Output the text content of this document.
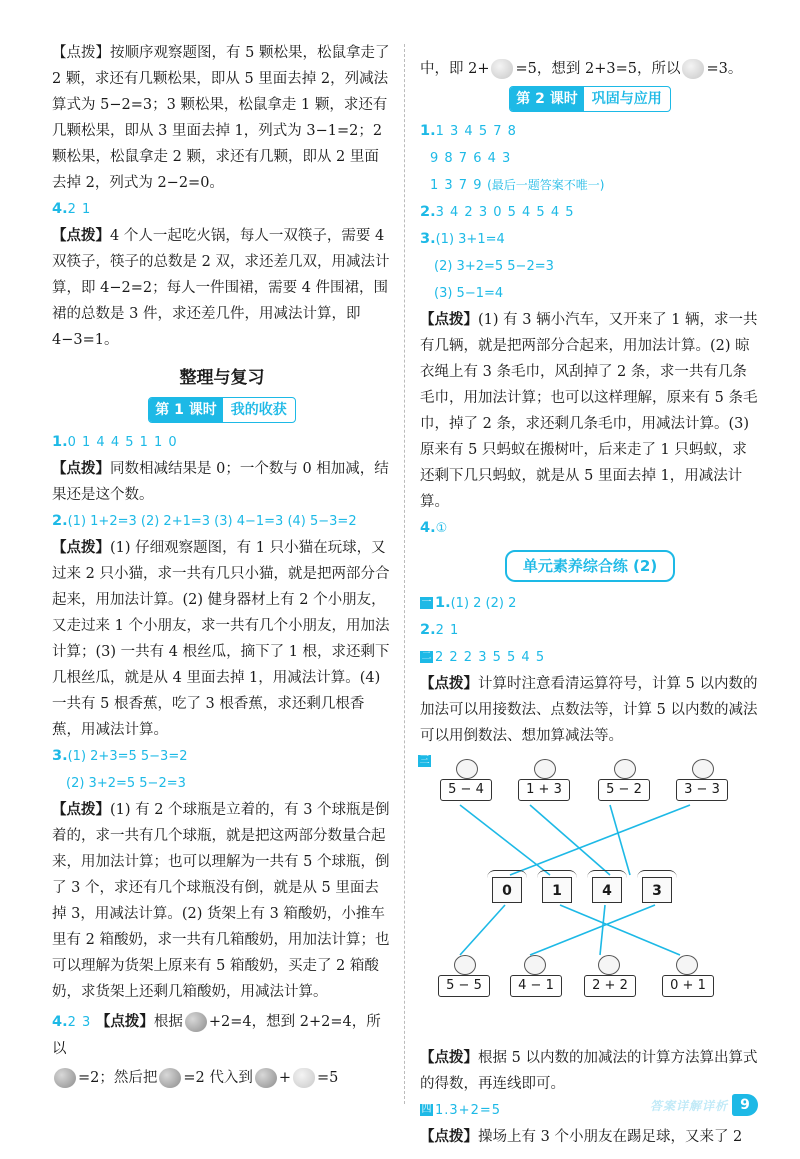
【点拨】按顺序观察题图，有 5 颗松果，松鼠拿走了 2 颗，求还有几颗松果，即从 5 里面去掉 2，列减法算式为 5−2=3；3 颗松果，松鼠拿走 1 颗，求还有几颗松果，即从 3 里面去掉 1，列式为 3−1=2；2 颗松果，松鼠拿走 2 颗，求还有几颗，即从 2 里面去掉 2，列式为 2−2=0。

4.2 1

【点拨】4 个人一起吃火锅，每人一双筷子，需要 4 双筷子，筷子的总数是 2 双，求还差几双，用减法计算，即 4−2=2；每人一件围裙，需要 4 件围裙，围裙的总数是 3 件，求还差几件，用减法计算，即 4−3=1。

整理与复习
第 1 课时	我的收获

1.0 1 4 4 5 1 1 0

【点拨】同数相减结果是 0；一个数与 0 相加减，结果还是这个数。

2.(1) 1+2=3 (2) 2+1=3 (3) 4−1=3 (4) 5−3=2

【点拨】(1) 仔细观察题图，有 1 只小猫在玩球，又过来 2 只小猫，求一共有几只小猫，就是把两部分合起来，用加法计算。(2) 健身器材上有 2 个小朋友，又走过来 1 个小朋友，求一共有几个小朋友，用加法计算；(3) 一共有 4 根丝瓜，摘下了 1 根，求还剩下几根丝瓜，就是从 4 里面去掉 1，用减法计算。(4) 一共有 5 根香蕉，吃了 3 根香蕉，求还剩几根香蕉，用减法计算。

3.(1) 2+3=5 5−3=2

(2) 3+2=5 5−2=3

【点拨】(1) 有 2 个球瓶是立着的，有 3 个球瓶是倒着的，求一共有几个球瓶，就是把这两部分数量合起来，用加法计算；也可以理解为一共有 5 个球瓶，倒了 3 个，求还有几个球瓶没有倒，就是从 5 里面去掉 3，用减法计算。(2) 货架上有 3 箱酸奶，小推车里有 2 箱酸奶，求一共有几箱酸奶，用加法计算；也可以理解为货架上原来有 5 箱酸奶，买走了 2 箱酸奶，求货架上还剩几箱酸奶，用减法计算。

4.2 3 【点拨】根据 +2=4，想到 2+2=4，所以

=2；然后把 =2 代入到 + =5

中，即 2+ =5，想到 2+3=5，所以 =3。

第 2 课时	巩固与应用

1.1 3 4 5 7 8

9 8 7 6 4 3

1 3 7 9 (最后一题答案不唯一)

2.3 4 2 3 0 5 4 5 4 5

3.(1) 3+1=4

(2) 3+2=5 5−2=3

(3) 5−1=4

【点拨】(1) 有 3 辆小汽车，又开来了 1 辆，求一共有几辆，就是把两部分合起来，用加法计算。(2) 晾衣绳上有 3 条毛巾，风刮掉了 2 条，求一共有几条毛巾，用加法计算；也可以这样理解，原来有 5 条毛巾，掉了 2 条，求还剩几条毛巾，用减法计算。(3) 原来有 5 只蚂蚁在搬树叶，后来走了 1 只蚂蚁，求还剩下几只蚂蚁，就是从 5 里面去掉 1，用减法计算。

4.①

单元素养综合练 (2)

一 1.(1) 2 (2) 2

2.2 1

二 2 2 2 3 5 5 4 5

【点拨】计算时注意看清运算符号，计算 5 以内数的加法可以用接数法、点数法等，计算 5 以内数的减法可以用倒数法、想加算减法等。

三
5 − 4	1 + 3	5 − 2	3 − 3
0	1	4	3
5 − 5	4 − 1	2 + 2	0 + 1

【点拨】根据 5 以内数的加减法的计算方法算出算式的得数，再连线即可。

四 1.3+2=5

【点拨】操场上有 3 个小朋友在踢足球，又来了 2

答案详解详析 9
